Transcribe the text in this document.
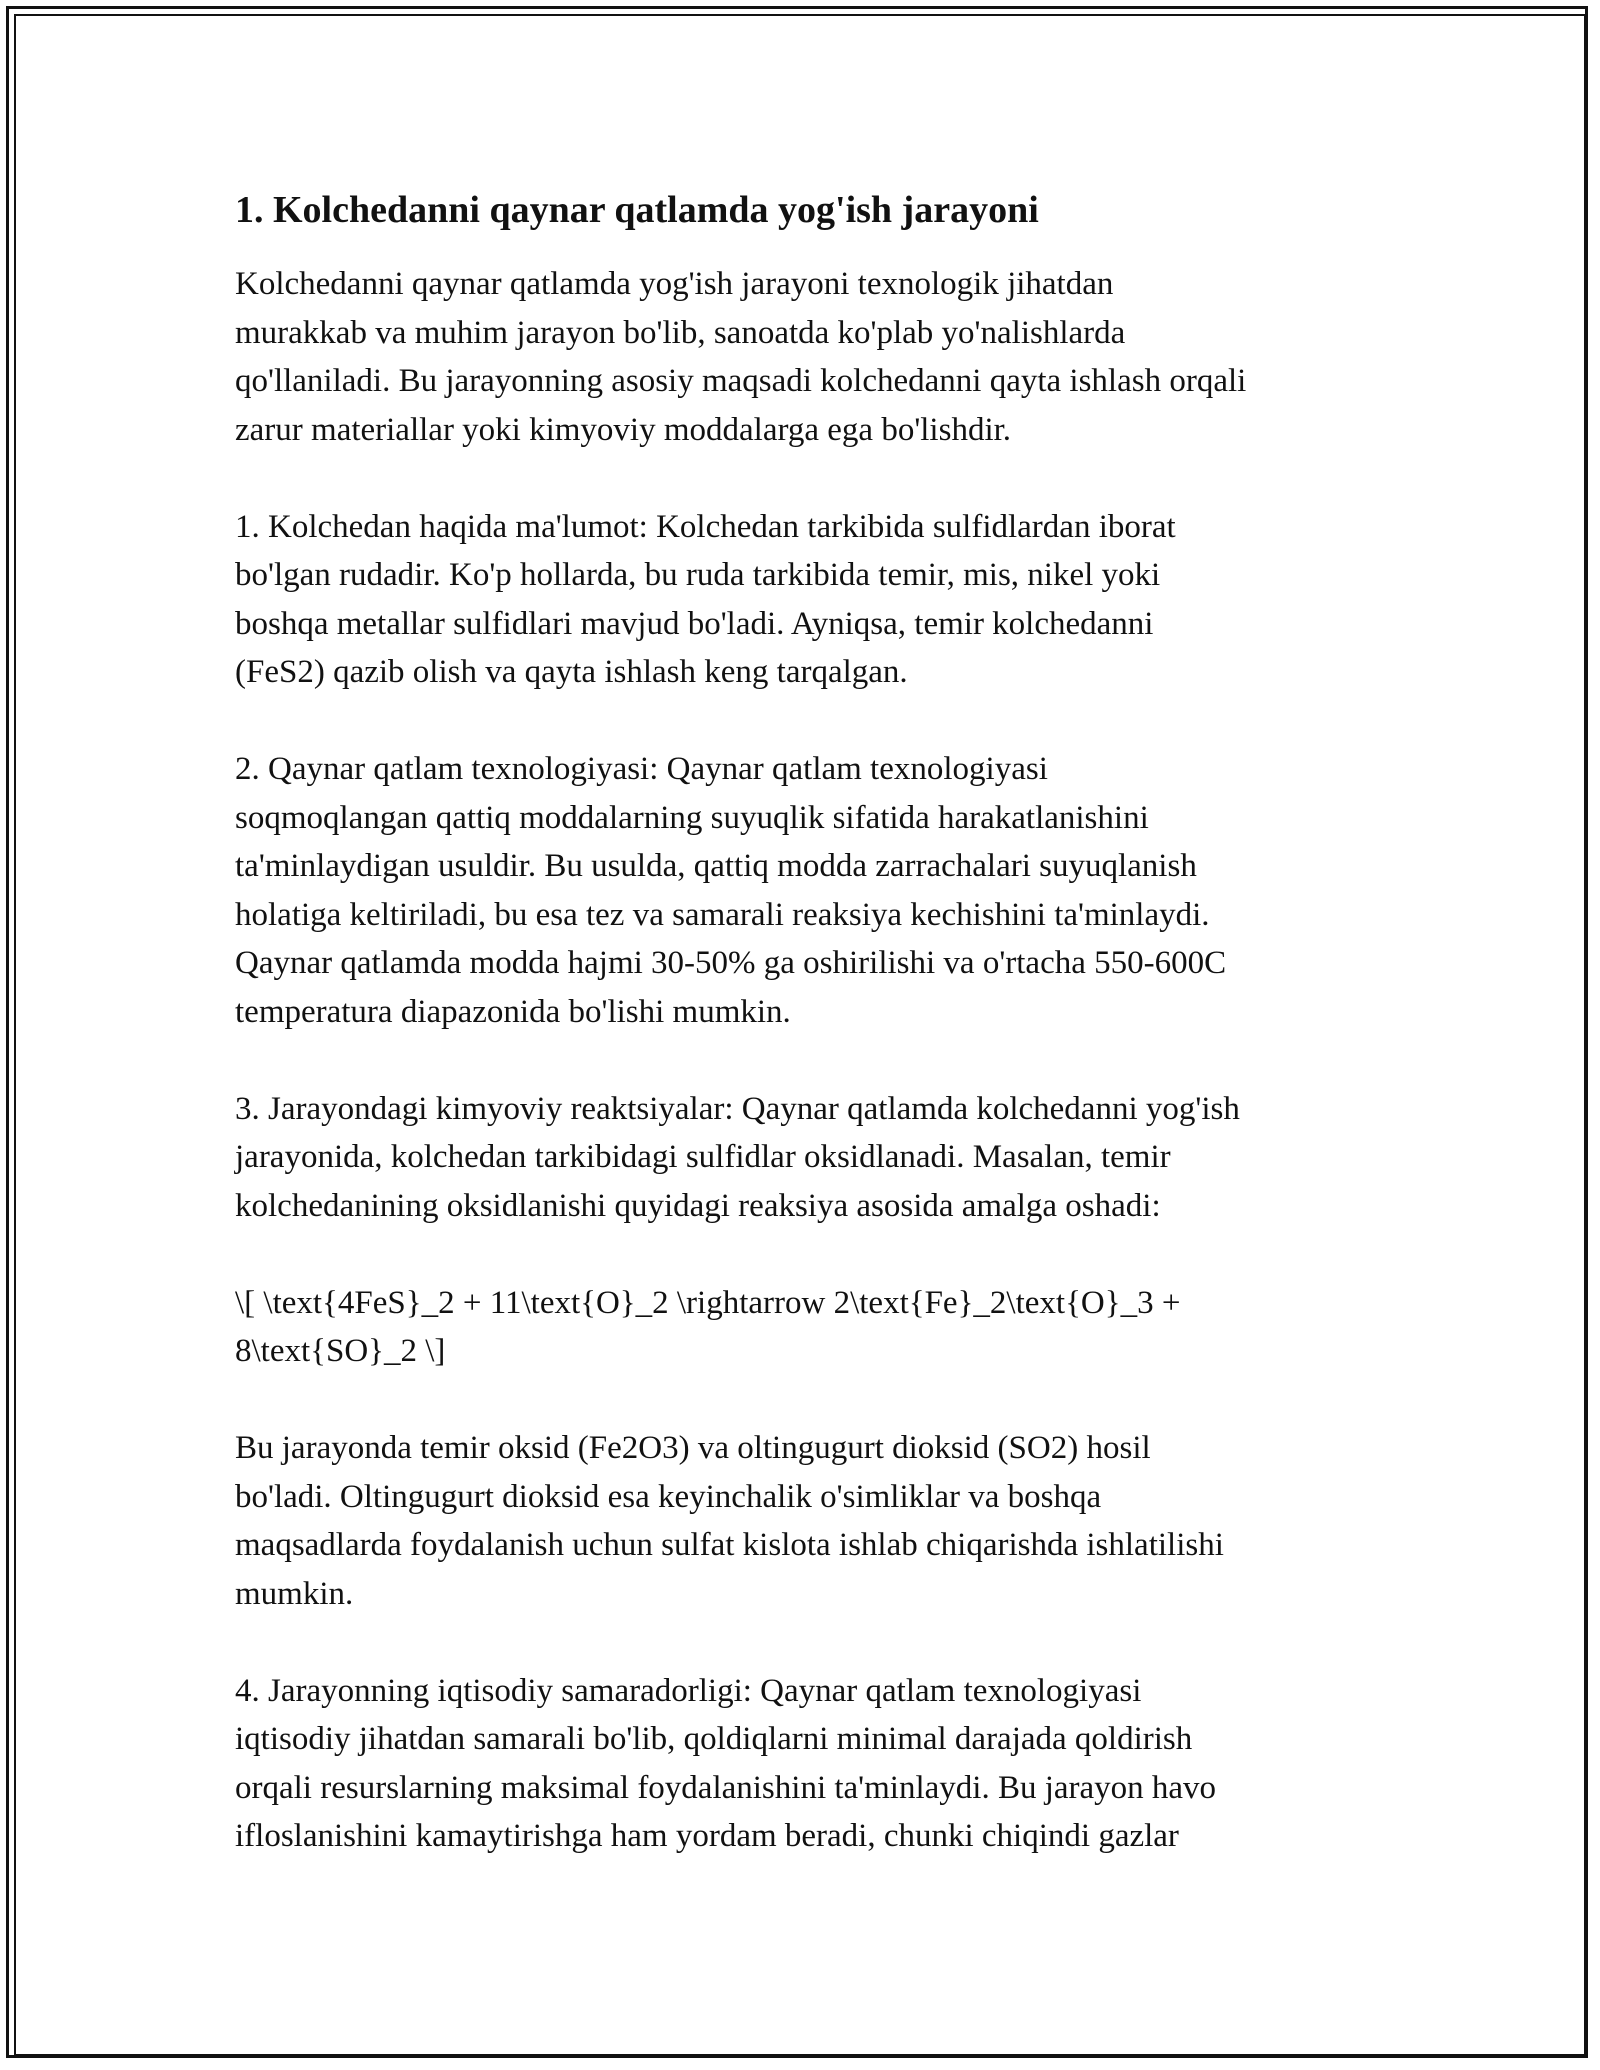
1. Kolchedanni qaynar qatlamda yog'ish jarayoni

Kolchedanni qaynar qatlamda yog'ish jarayoni texnologik jihatdan
murakkab va muhim jarayon bo'lib, sanoatda ko'plab yo'nalishlarda
qo'llaniladi. Bu jarayonning asosiy maqsadi kolchedanni qayta ishlash orqali
zarur materiallar yoki kimyoviy moddalarga ega bo'lishdir.

1. Kolchedan haqida ma'lumot: Kolchedan tarkibida sulfidlardan iborat
bo'lgan rudadir. Ko'p hollarda, bu ruda tarkibida temir, mis, nikel yoki
boshqa metallar sulfidlari mavjud bo'ladi. Ayniqsa, temir kolchedanni
(FeS2) qazib olish va qayta ishlash keng tarqalgan.

2. Qaynar qatlam texnologiyasi: Qaynar qatlam texnologiyasi
soqmoqlangan qattiq moddalarning suyuqlik sifatida harakatlanishini
ta'minlaydigan usuldir. Bu usulda, qattiq modda zarrachalari suyuqlanish
holatiga keltiriladi, bu esa tez va samarali reaksiya kechishini ta'minlaydi.
Qaynar qatlamda modda hajmi 30-50% ga oshirilishi va o'rtacha 550-600C
temperatura diapazonida bo'lishi mumkin.

3. Jarayondagi kimyoviy reaktsiyalar: Qaynar qatlamda kolchedanni yog'ish
jarayonida, kolchedan tarkibidagi sulfidlar oksidlanadi. Masalan, temir
kolchedanining oksidlanishi quyidagi reaksiya asosida amalga oshadi:

\[ \text{4FeS}_2 + 11\text{O}_2 \rightarrow 2\text{Fe}_2\text{O}_3 +
8\text{SO}_2 \]

Bu jarayonda temir oksid (Fe2O3) va oltingugurt dioksid (SO2) hosil
bo'ladi. Oltingugurt dioksid esa keyinchalik o'simliklar va boshqa
maqsadlarda foydalanish uchun sulfat kislota ishlab chiqarishda ishlatilishi
mumkin.

4. Jarayonning iqtisodiy samaradorligi: Qaynar qatlam texnologiyasi
iqtisodiy jihatdan samarali bo'lib, qoldiqlarni minimal darajada qoldirish
orqali resurslarning maksimal foydalanishini ta'minlaydi. Bu jarayon havo
ifloslanishini kamaytirishga ham yordam beradi, chunki chiqindi gazlar
